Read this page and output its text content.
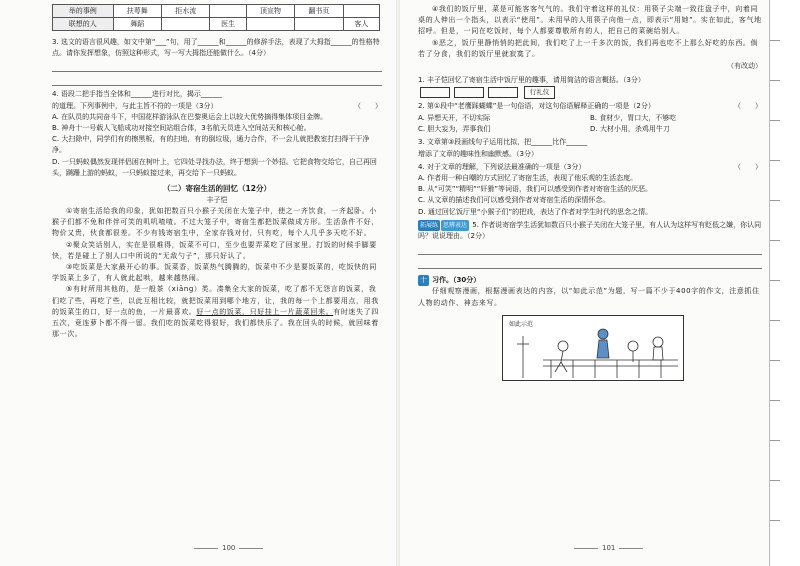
举的事例	扶萼舞	拒水流		顶宣物	翻书页	
联想的人	舞蹈		医生			客人

3. 选文的语言很风趣，如文中第“___”句，用了______和______的修辞手法，表现了大拇指______的性格特点。请你发挥想象，仿照这种形式，写一写大拇指还能做什么。（4分）

4. 语段二把手指当全体和______进行对比，揭示______

的道理。下列事例中，与此主旨不符的一项是（3分）	（　　）

A. 在队员的共同奋斗下，中国花样游泳队在巴黎奥运会上以较大优势摘得集体项目金牌。

B. 神舟十一号载人飞船成功对接空间站组合体，3名航天员进入空间站天和核心舱。

C. 大扫除中，同学们有的擦黑板，有的扫地，有的倒垃圾，通力合作，不一会儿就把教室打扫得干干净净。

D. 一只蚂蚁偶然发现伴侣困在树叶上，它四处寻找办法，终于想到一个妙招。它把食物交给它，自己再回头，蹒跚上游的蚂蚁，一只蚂蚁接过来，再交给下一只蚂蚁。

（二）寄宿生活的回忆（12分）
丰子恺

①寄宿生活给我的印象，犹如把数百只小猴子关闭在大笼子中，使之一齐饮食，一齐起卧。小猴子们都不免和伴伴可笑的叽叽喳喳。不过大笼子中，寄宿生都把饭菜做成方形。生活条件不好，物价又贵，伙食都很差。不少有钱寄宿生中，全家存钱对付，只有吃，每个人几乎多天吃不好。

②聚众笑话别人，实在是很难得，饭菜不可口，至少也要弄菜吃了回家里。打饭的时候手脚要快，若是碰上了别人口中所说的“无敌勺子”，那只好认了。

③吃饭菜是大家最开心的事。饭菜香，饭菜热气腾腾的，饭菜中不少是要饭菜的，吃饭快的同学饭菜上多了，有人就此起哄，越来越热闹。

⑤有时所用其他的，是一般茶（xiāng）类。凑集全大家的饭菜，吃了都不无怨言的饭菜，我们吃了些，再吃了些，以此互相比较，就把饭菜用到哪个地方，让，我的每一个上都要用点，用我的饭菜生的口，好一点的鱼，一片最喜欢。好一点的饭菜，只好挂上一片蔬菜回来。有时迷失了四五次，竟连萝卜都不得一留。我们吃的饭菜吃得很好，我们都快乐了。我在回头的时候，就回味着那一次。

100

④我们的饭厅里，菜是可能客客气气的。我们守着这样的礼仪：用筷子尖端一致往盘子中，向着同桌的人伸出一个指头，以表示“使用”。未用早的人用筷子向他一点，即表示“用她”。实在如此，客气地招呼。但是，一同在吃饭时，每个人都要尊敬所有的人，把自己的菜碗给别人。

⑤恶之，饭厅里静悄悄的把此间，我们吃了上一千多次的饭，我们再也吃不上那么好吃的东西。倘若了分食，我们的饭厅里就寂寞了。

（有改动）

1. 丰子恺回忆了寄宿生活中饭厅里的趣事，请用简洁的语言概括。（3分）

行礼仪

2. 第①段中“老鹰踩蝴蝶”是一句俗语，对这句俗语解释正确的一项是（2分）	（　　）

A. 异想天开，不切实际	B. 食材少，胃口大，不够吃
C. 胆大妄为，弄事我们	D. 大材小用，杀鸡用牛刀

3. 文章第③段画线句子运用比拟，把______比作______

增添了文章的趣味性和幽默感。（3分）

4. 对于文章的理解，下列说法最准确的一项是（3分）	（　　）

A. 作者用一种自嘲的方式回忆了寄宿生活，表现了他乐观的生活态度。

B. 从“可笑”“精明”“奸猾”等词语，我们可以感受到作者对寄宿生活的厌恶。

C. 从文章的描述我们可以感受到作者对寄宿生活的深情怀念。

D. 通过回忆饭厅里“小猴子们”的把戏，表达了作者对学生时代的思念之情。

拓展练 思辨表达 5. 作者说寄宿学生活犹如数百只小猴子关闭在大笼子里，有人认为这样写有贬低之嫌，你认同吗？说说理由。（2分）

十 习作。（30分）

仔细观察漫画，根据漫画表达的内容，以“如此示范”为题，写一篇不少于400字的作文，注意抓住人物的动作、神态来写。

如此示范
101
